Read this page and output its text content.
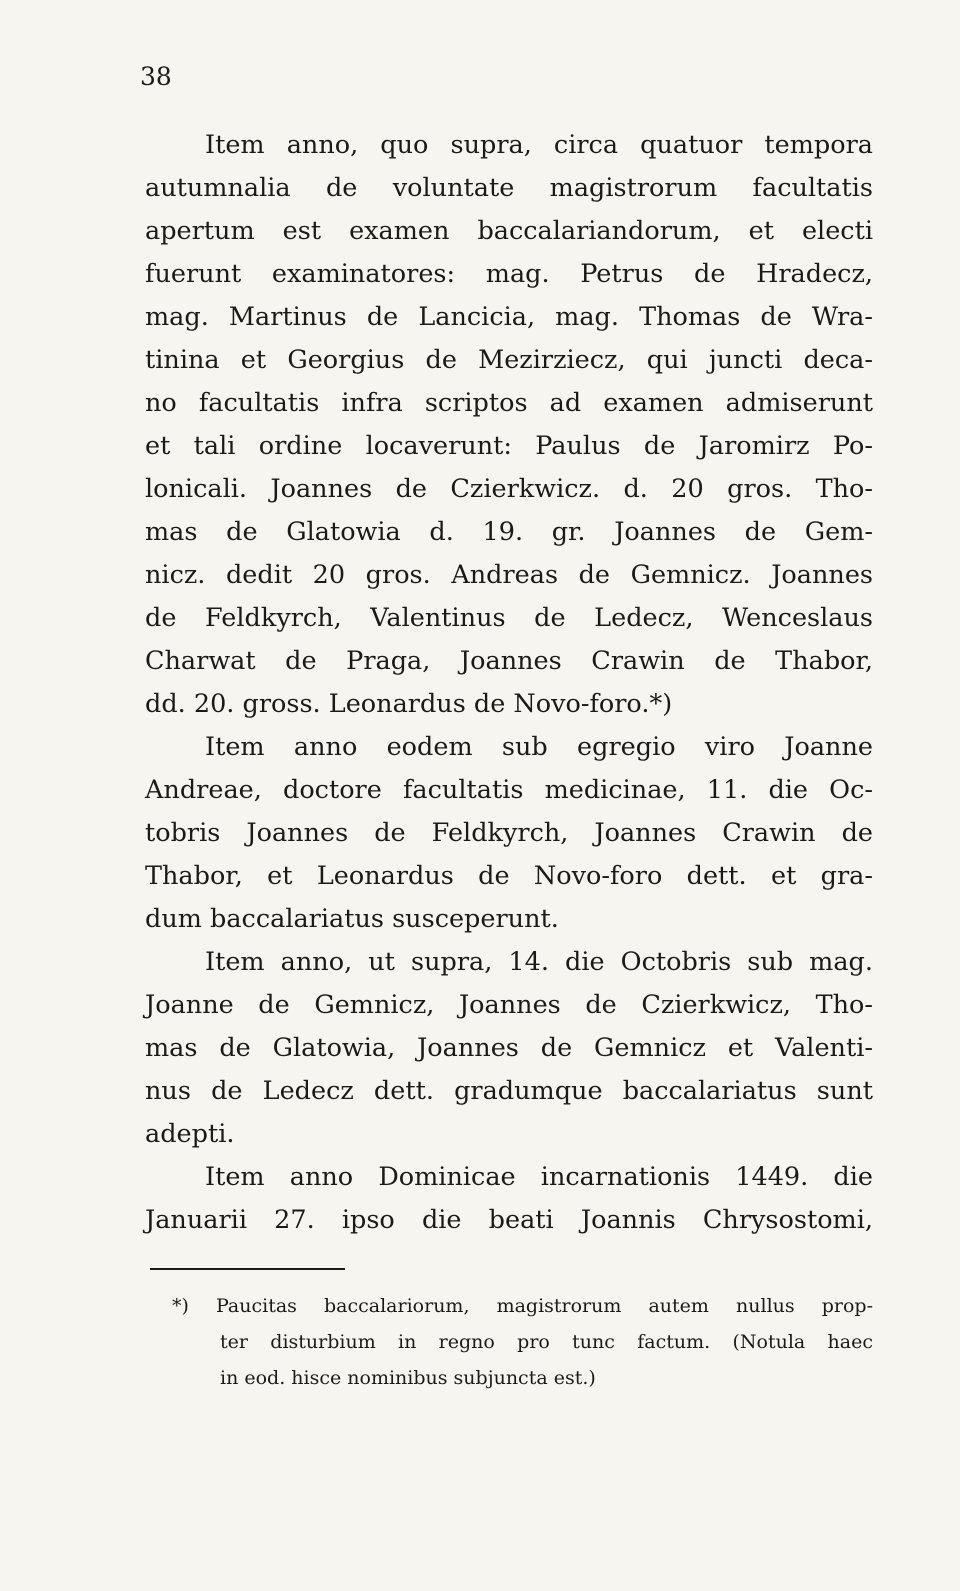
38
Item anno, quo supra, circa quatuor tempora
autumnalia de voluntate magistrorum facultatis
apertum est examen baccalariandorum, et electi
fuerunt examinatores: mag. Petrus de Hradecz,
mag. Martinus de Lancicia, mag. Thomas de Wra-
tinina et Georgius de Mezirziecz, qui juncti deca-
no facultatis infra scriptos ad examen admiserunt
et tali ordine locaverunt: Paulus de Jaromirz Po-
lonicali. Joannes de Czierkwicz. d. 20 gros. Tho-
mas de Glatowia d. 19. gr. Joannes de Gem-
nicz. dedit 20 gros. Andreas de Gemnicz. Joannes
de Feldkyrch, Valentinus de Ledecz, Wenceslaus
Charwat de Praga, Joannes Crawin de Thabor,
dd. 20. gross. Leonardus de Novo-foro.*)
Item anno eodem sub egregio viro Joanne
Andreae, doctore facultatis medicinae, 11. die Oc-
tobris Joannes de Feldkyrch, Joannes Crawin de
Thabor, et Leonardus de Novo-foro dett. et gra-
dum baccalariatus susceperunt.
Item anno, ut supra, 14. die Octobris sub mag.
Joanne de Gemnicz, Joannes de Czierkwicz, Tho-
mas de Glatowia, Joannes de Gemnicz et Valenti-
nus de Ledecz dett. gradumque baccalariatus sunt
adepti.
Item anno Dominicae incarnationis 1449. die
Januarii 27. ipso die beati Joannis Chrysostomi,
*) Paucitas baccalariorum, magistrorum autem nullus prop-
ter disturbium in regno pro tunc factum. (Notula haec
in eod. hisce nominibus subjuncta est.)
